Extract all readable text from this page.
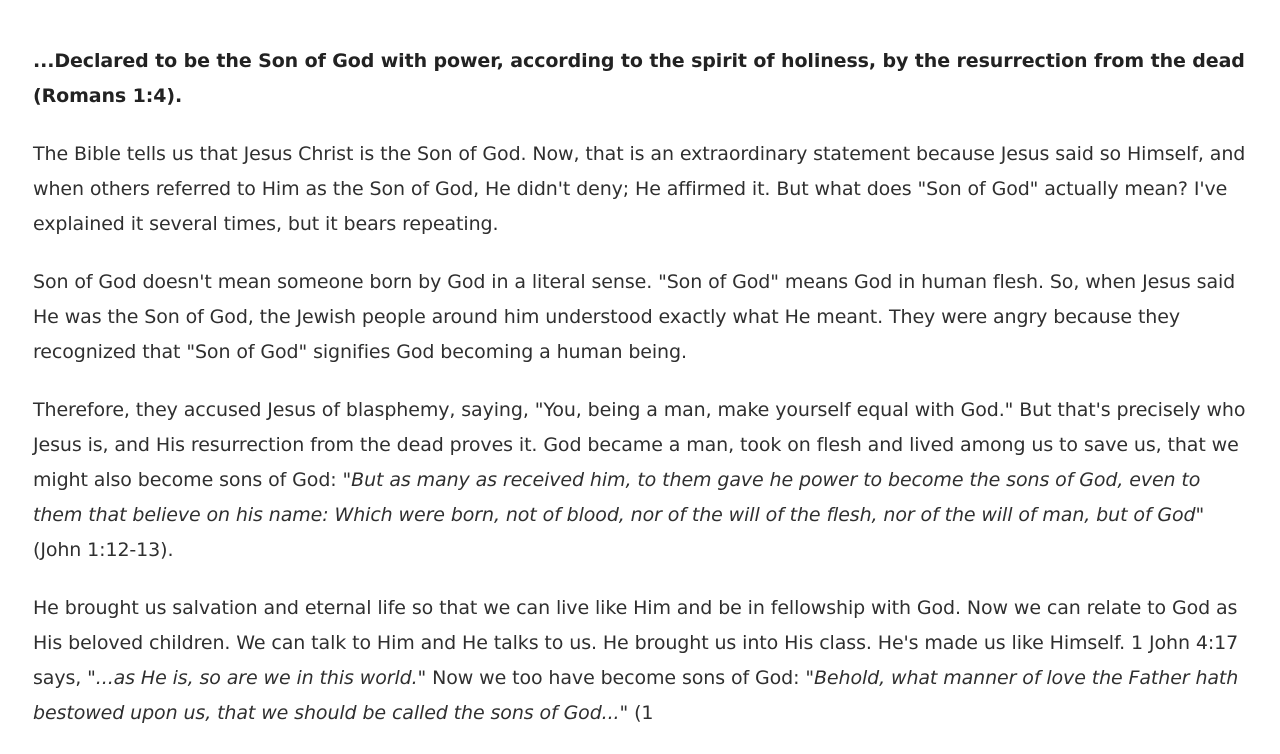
...Declared to be the Son of God with power, according to the spirit of holiness, by the resurrection from the dead (Romans 1:4).

The Bible tells us that Jesus Christ is the Son of God. Now, that is an extraordinary statement because Jesus said so Himself, and when others referred to Him as the Son of God, He didn't deny; He affirmed it. But what does "Son of God" actually mean? I've explained it several times, but it bears repeating.

Son of God doesn't mean someone born by God in a literal sense. "Son of God" means God in human flesh. So, when Jesus said He was the Son of God, the Jewish people around him understood exactly what He meant. They were angry because they recognized that "Son of God" signifies God becoming a human being.

Therefore, they accused Jesus of blasphemy, saying, "You, being a man, make yourself equal with God." But that's precisely who Jesus is, and His resurrection from the dead proves it. God became a man, took on flesh and lived among us to save us, that we might also become sons of God: "But as many as received him, to them gave he power to become the sons of God, even to them that believe on his name: Which were born, not of blood, nor of the will of the flesh, nor of the will of man, but of God" (John 1:12-13).

He brought us salvation and eternal life so that we can live like Him and be in fellowship with God. Now we can relate to God as His beloved children. We can talk to Him and He talks to us. He brought us into His class. He's made us like Himself. 1 John 4:17 says, "...as He is, so are we in this world." Now we too have become sons of God: "Behold, what manner of love the Father hath bestowed upon us, that we should be called the sons of God..." (1
